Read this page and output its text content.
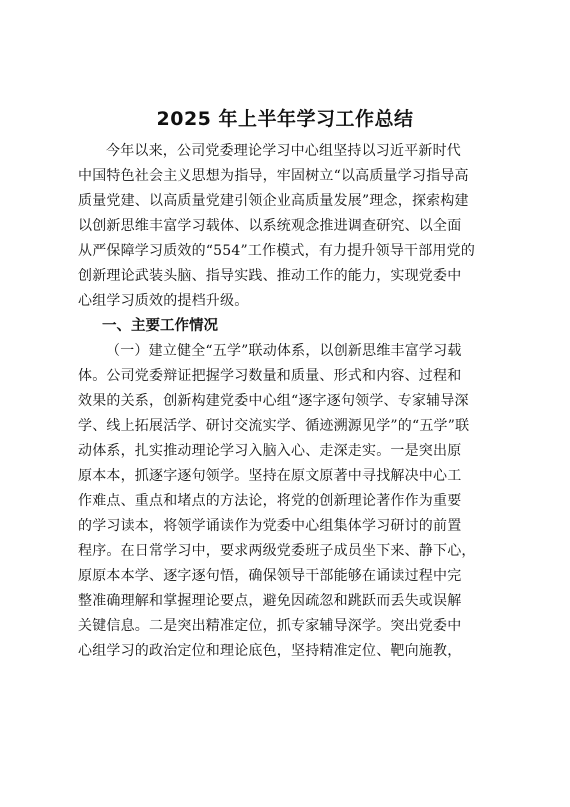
2025 年上半年学习工作总结
今年以来，公司党委理论学习中心组坚持以习近平新时代
中国特色社会主义思想为指导，牢固树立“以高质量学习指导高
质量党建、以高质量党建引领企业高质量发展”理念，探索构建
以创新思维丰富学习载体、以系统观念推进调查研究、以全面
从严保障学习质效的“554”工作模式，有力提升领导干部用党的
创新理论武装头脑、指导实践、推动工作的能力，实现党委中
心组学习质效的提档升级。
一、主要工作情况
（一）建立健全“五学”联动体系，以创新思维丰富学习载
体。公司党委辩证把握学习数量和质量、形式和内容、过程和
效果的关系，创新构建党委中心组“逐字逐句领学、专家辅导深
学、线上拓展活学、研讨交流实学、循迹溯源见学”的“五学”联
动体系，扎实推动理论学习入脑入心、走深走实。一是突出原
原本本，抓逐字逐句领学。坚持在原文原著中寻找解决中心工
作难点、重点和堵点的方法论，将党的创新理论著作作为重要
的学习读本，将领学诵读作为党委中心组集体学习研讨的前置
程序。在日常学习中，要求两级党委班子成员坐下来、静下心，
原原本本学、逐字逐句悟，确保领导干部能够在诵读过程中完
整准确理解和掌握理论要点，避免因疏忽和跳跃而丢失或误解
关键信息。二是突出精准定位，抓专家辅导深学。突出党委中
心组学习的政治定位和理论底色，坚持精准定位、靶向施教，
